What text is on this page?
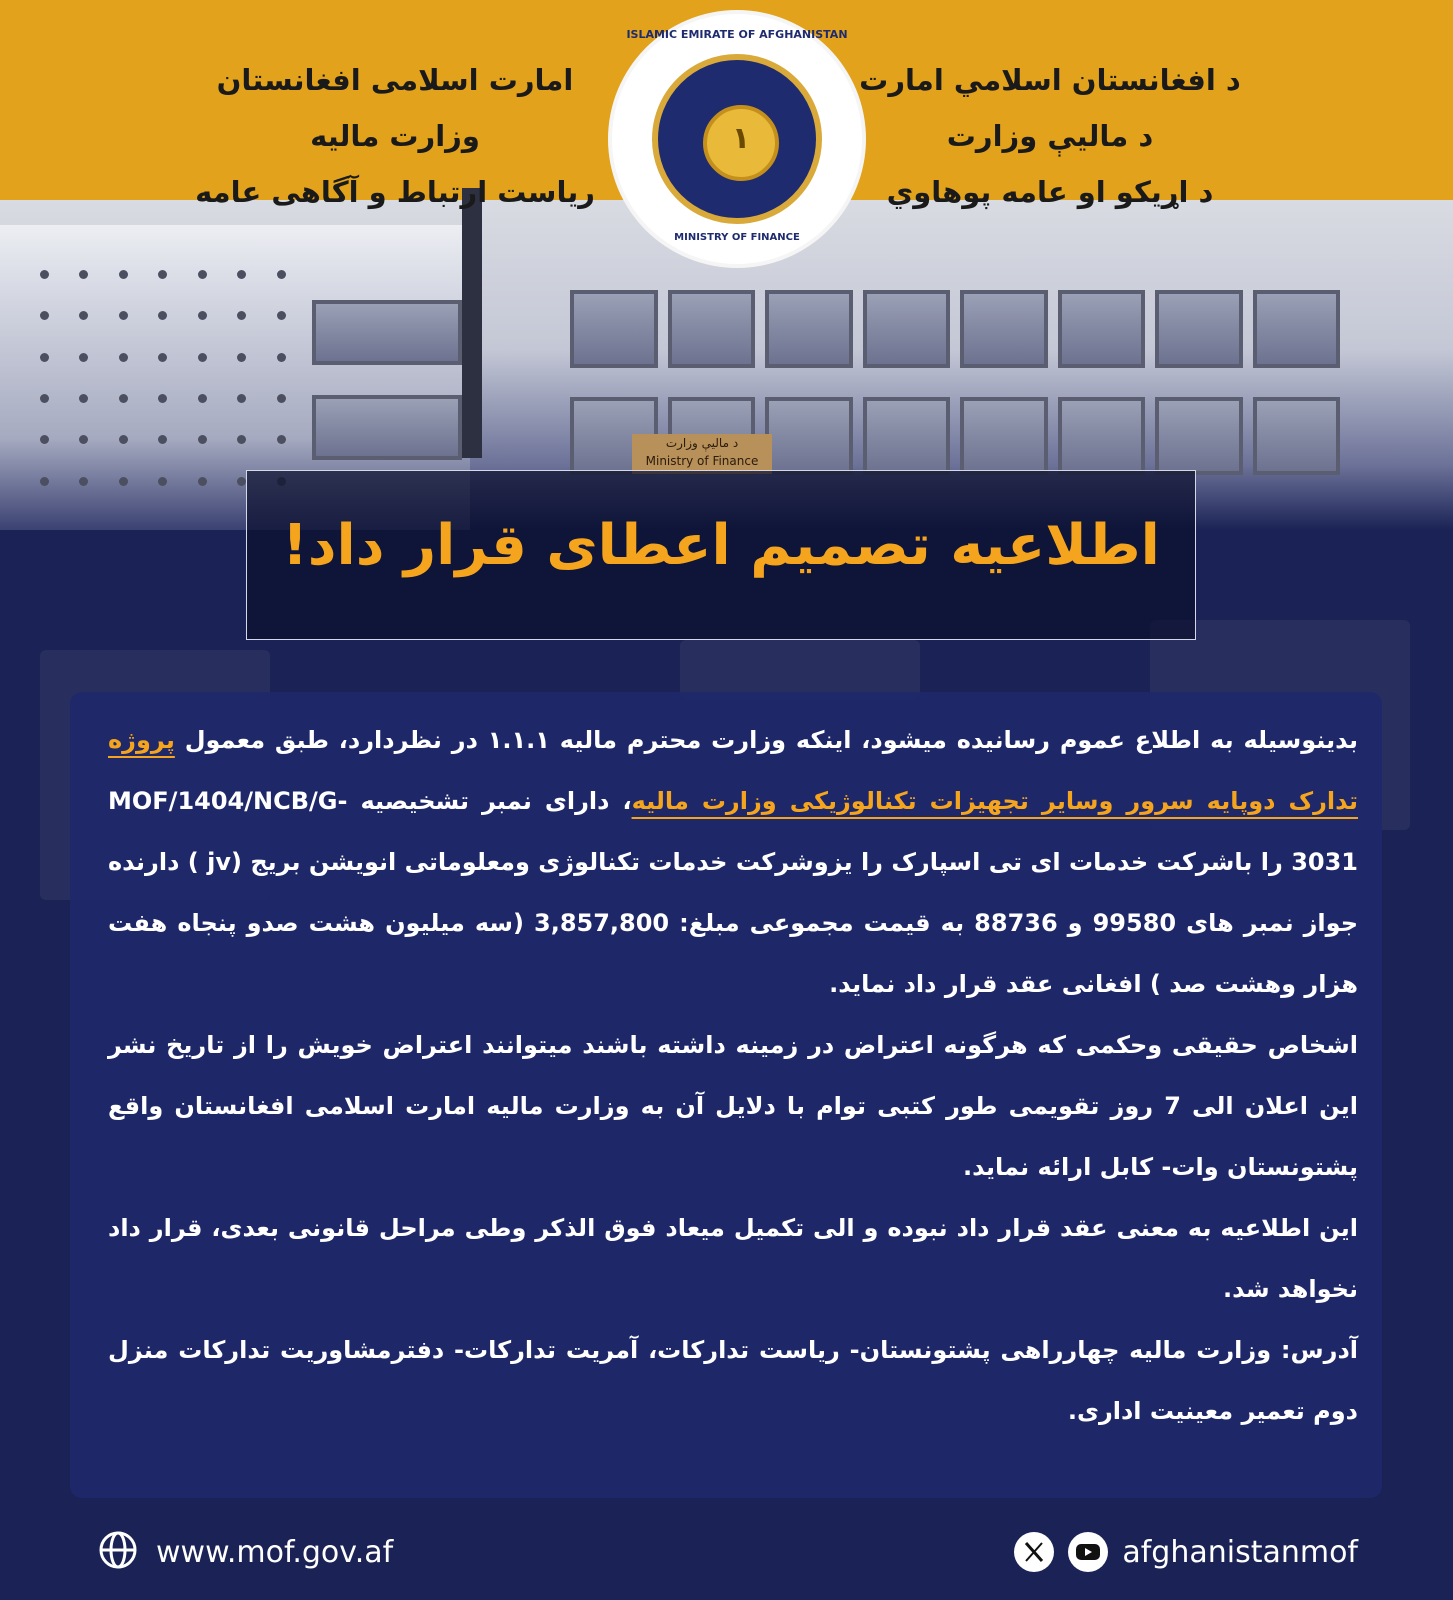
د مالیې وزارت
Ministry of Finance
امارت اسلامی افغانستان
وزارت مالیه
ریاست ارتباط و آگاهی عامه
د افغانستان اسلامي امارت
د ماليې وزارت
د اړیکو او عامه پوهاوي
ISLAMIC EMIRATE OF AFGHANISTAN
١
MINISTRY OF FINANCE
اطلاعیه تصمیم اعطای قرار داد!

بدینوسیله به اطلاع عموم رسانیده میشود، اینکه وزارت محترم مالیه ۱.۱.۱ در نظردارد، طبق معمول پروژه تدارک دوپایه سرور وسایر تجهیزات تکنالوژیکی وزارت مالیه، دارای نمبر تشخیصیه MOF/1404/NCB/G-3031 را باشرکت خدمات ای تی اسپارک را یزوشرکت خدمات تکنالوژی ومعلوماتی انویشن بریج (jv ) دارنده جواز نمبر های 99580 و 88736 به قیمت مجموعی مبلغ: 3,857,800 (سه میلیون هشت صدو پنجاه هفت هزار وهشت صد ) افغانی عقد قرار داد نماید.

اشخاص حقیقی وحکمی که هرگونه اعتراض در زمینه داشته باشند میتوانند اعتراض خویش را از تاریخ نشر این اعلان الی 7 روز تقویمی طور کتبی توام با دلایل آن به وزارت مالیه امارت اسلامی افغانستان واقع پشتونستان وات- کابل ارائه نماید.

این اطلاعیه به معنی عقد قرار داد نبوده و الی تکمیل میعاد فوق الذکر وطی مراحل قانونی بعدی، قرار داد نخواهد شد.

آدرس: وزارت مالیه چهارراهی پشتونستان- ریاست تدارکات، آمریت تدارکات- دفترمشاوریت تدارکات منزل دوم تعمیر معینیت اداری.

www.mof.gov.af	afghanistanmof
